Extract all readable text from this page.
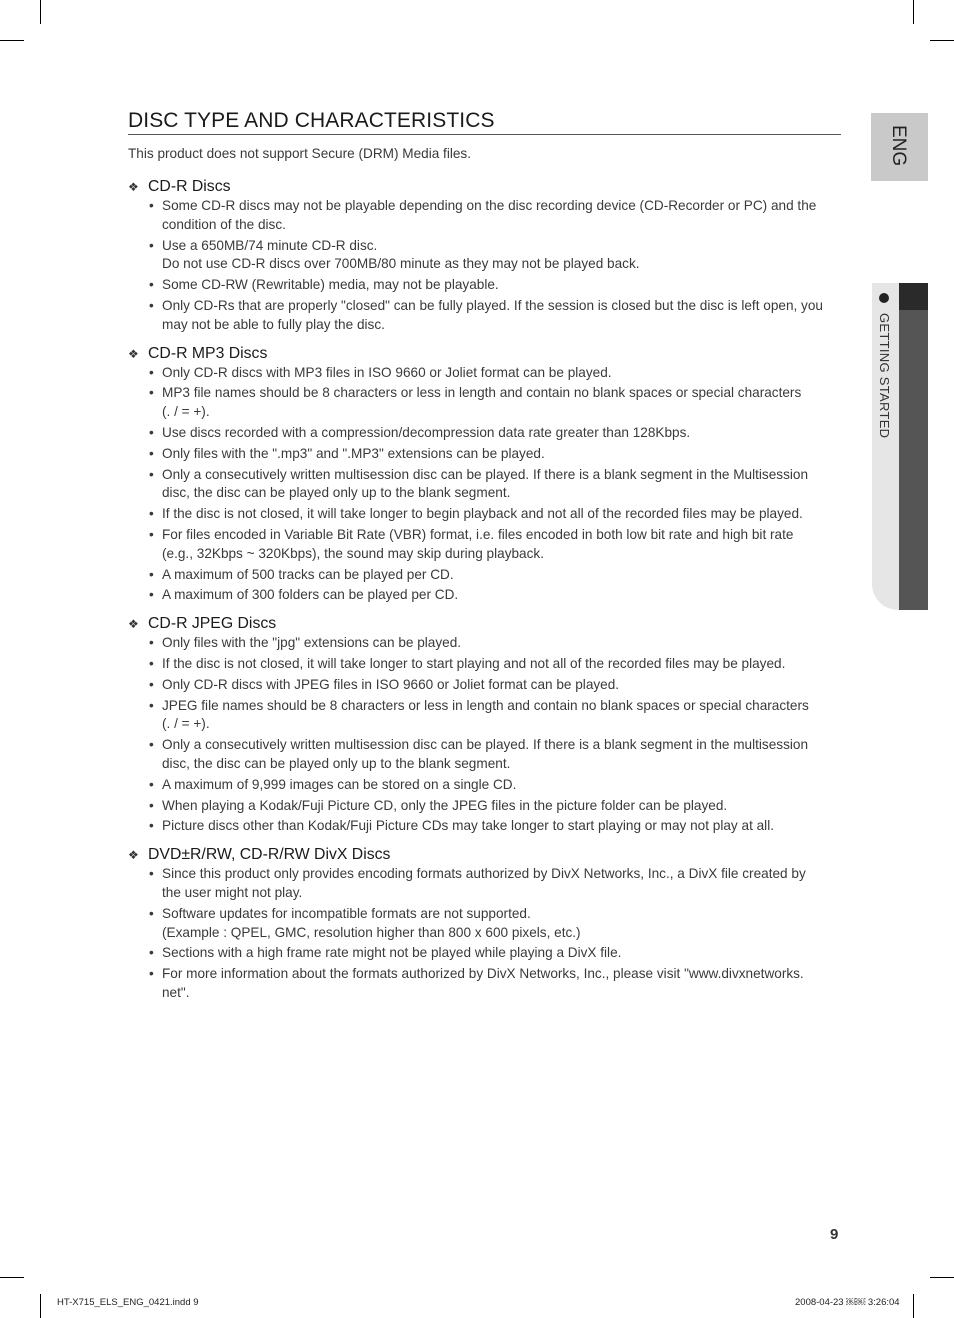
DISC TYPE AND CHARACTERISTICS
This product does not support Secure (DRM) Media files.
❖ CD-R Discs
• Some CD-R discs may not be playable depending on the disc recording device (CD-Recorder or PC) and the
condition of the disc.
• Use a 650MB/74 minute CD-R disc.
Do not use CD-R discs over 700MB/80 minute as they may not be played back.
• Some CD-RW (Rewritable) media, may not be playable.
• Only CD-Rs that are properly "closed" can be fully played. If the session is closed but the disc is left open, you
may not be able to fully play the disc.
❖ CD-R MP3 Discs
• Only CD-R discs with MP3 files in ISO 9660 or Joliet format can be played.
• MP3 file names should be 8 characters or less in length and contain no blank spaces or special characters
(. / = +).
• Use discs recorded with a compression/decompression data rate greater than 128Kbps.
• Only files with the ".mp3" and ".MP3" extensions can be played.
• Only a consecutively written multisession disc can be played. If there is a blank segment in the Multisession
disc, the disc can be played only up to the blank segment.
• If the disc is not closed, it will take longer to begin playback and not all of the recorded files may be played.
• For files encoded in Variable Bit Rate (VBR) format, i.e. files encoded in both low bit rate and high bit rate
(e.g., 32Kbps ~ 320Kbps), the sound may skip during playback.
• A maximum of 500 tracks can be played per CD.
• A maximum of 300 folders can be played per CD.
❖ CD-R JPEG Discs
• Only files with the "jpg" extensions can be played.
• If the disc is not closed, it will take longer to start playing and not all of the recorded files may be played.
• Only CD-R discs with JPEG files in ISO 9660 or Joliet format can be played.
• JPEG file names should be 8 characters or less in length and contain no blank spaces or special characters
(. / = +).
• Only a consecutively written multisession disc can be played. If there is a blank segment in the multisession
disc, the disc can be played only up to the blank segment.
• A maximum of 9,999 images can be stored on a single CD.
• When playing a Kodak/Fuji Picture CD, only the JPEG files in the picture folder can be played.
• Picture discs other than Kodak/Fuji Picture CDs may take longer to start playing or may not play at all.
❖ DVD±R/RW, CD-R/RW DivX Discs
• Since this product only provides encoding formats authorized by DivX Networks, Inc., a DivX file created by
the user might not play.
• Software updates for incompatible formats are not supported.
(Example : QPEL, GMC, resolution higher than 800 x 600 pixels, etc.)
• Sections with a high frame rate might not be played while playing a DivX file.
• For more information about the formats authorized by DivX Networks, Inc., please visit "www.divxnetworks.
net".
ENG
GETTING STARTED
9
HT-X715_ELS_ENG_0421.indd 9	2008-04-23 ￼￼ 3:26:04
